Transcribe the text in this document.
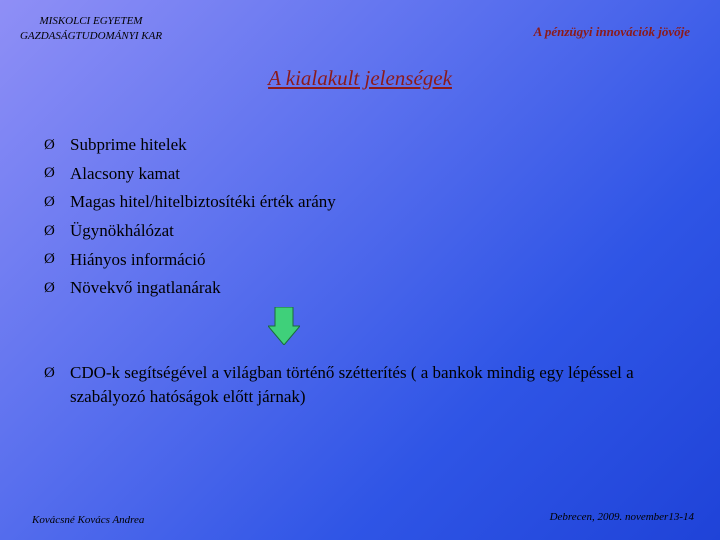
MISKOLCI EGYETEM
GAZDASÁGTUDOMÁNYI KAR	A pénzügyi innovációk jövője
A kialakult jelenségek
Ø Subprime hitelek
Ø Alacsony kamat
Ø Magas hitel/hitelbiztosítéki érték arány
Ø Ügynökhálózat
Ø Hiányos információ
Ø Növekvő ingatlanárak
Ø CDO-k segítségével a világban történő szétterítés ( a bankok mindig egy lépéssel a szabályozó hatóságok előtt járnak)
Kovácsné Kovács Andrea	Debrecen, 2009. november13-14
